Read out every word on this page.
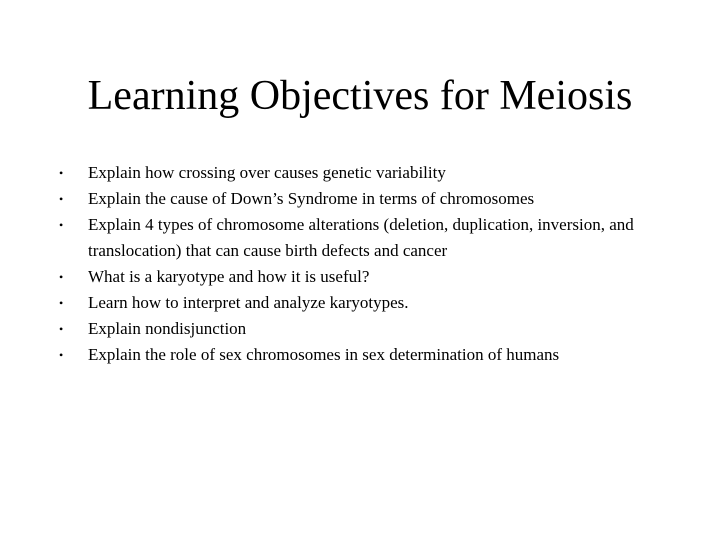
Learning Objectives for Meiosis
•	Explain how crossing over causes genetic variability
•	Explain the cause of Down’s Syndrome in terms of chromosomes
•	Explain 4 types of chromosome alterations (deletion, duplication, inversion, and translocation) that can cause birth defects and cancer
•	What is a karyotype and how it is useful?
•	Learn how to interpret and analyze karyotypes.
•	Explain nondisjunction
•	Explain the role of sex chromosomes in sex determination of humans
